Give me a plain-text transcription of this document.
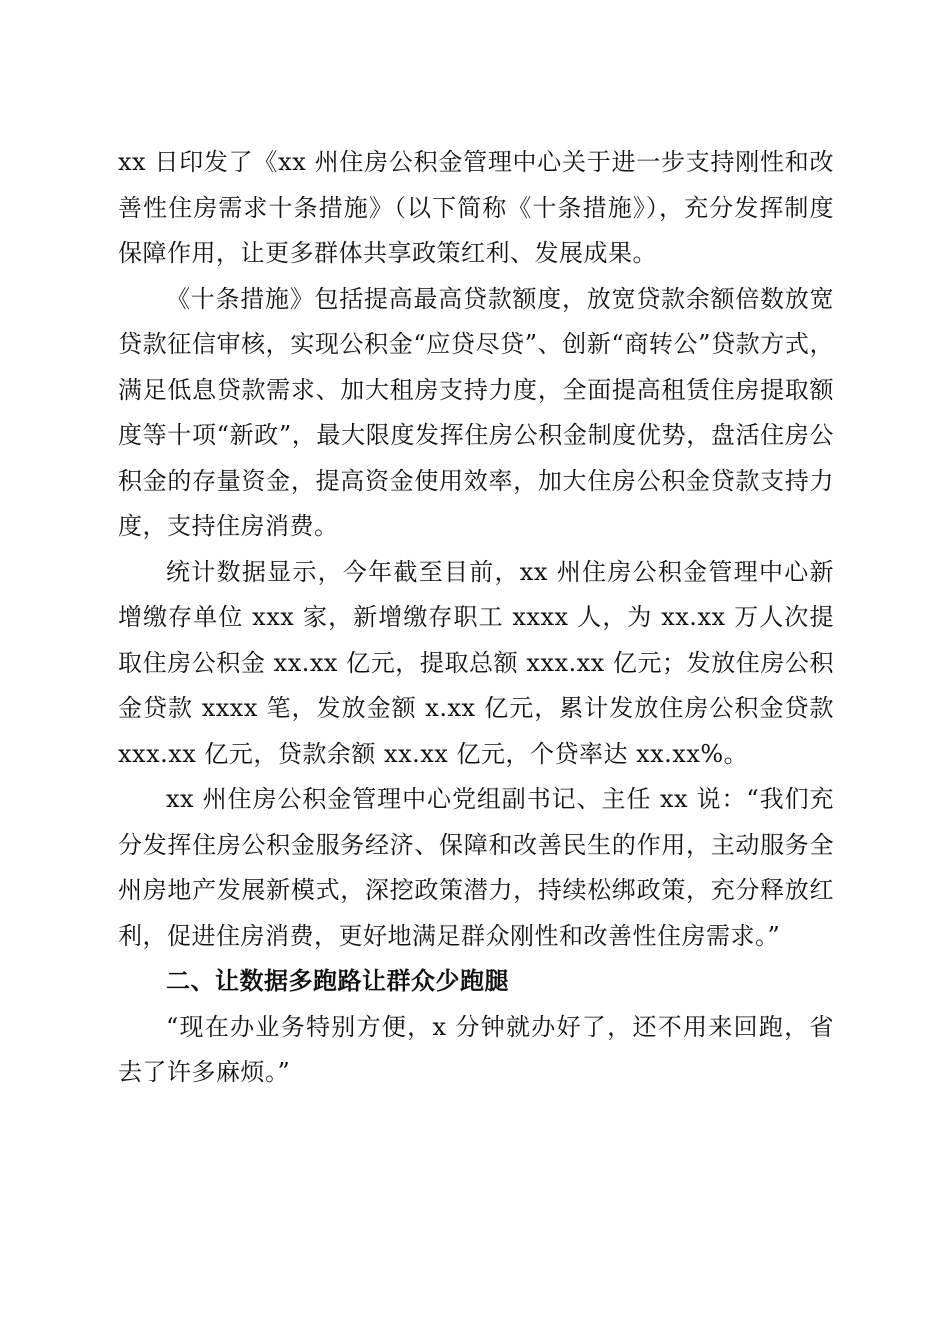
xx 日印发了《xx 州住房公积金管理中心关于进一步支持刚性和改善性住房需求十条措施》（以下简称《十条措施》），充分发挥制度保障作用，让更多群体共享政策红利、发展成果。

《十条措施》包括提高最高贷款额度，放宽贷款余额倍数放宽贷款征信审核，实现公积金“应贷尽贷”、创新“商转公”贷款方式，满足低息贷款需求、加大租房支持力度，全面提高租赁住房提取额度等十项“新政”，最大限度发挥住房公积金制度优势，盘活住房公积金的存量资金，提高资金使用效率，加大住房公积金贷款支持力度，支持住房消费。

统计数据显示，今年截至目前，xx 州住房公积金管理中心新增缴存单位 xxx 家，新增缴存职工 xxxx 人，为 xx.xx 万人次提取住房公积金 xx.xx 亿元，提取总额 xxx.xx 亿元；发放住房公积金贷款 xxxx 笔，发放金额 x.xx 亿元，累计发放住房公积金贷款 xxx.xx 亿元，贷款余额 xx.xx 亿元，个贷率达 xx.xx%。

xx 州住房公积金管理中心党组副书记、主任 xx 说：“我们充分发挥住房公积金服务经济、保障和改善民生的作用，主动服务全州房地产发展新模式，深挖政策潜力，持续松绑政策，充分释放红利，促进住房消费，更好地满足群众刚性和改善性住房需求。”

二、让数据多跑路让群众少跑腿

“现在办业务特别方便，x 分钟就办好了，还不用来回跑，省去了许多麻烦。”
